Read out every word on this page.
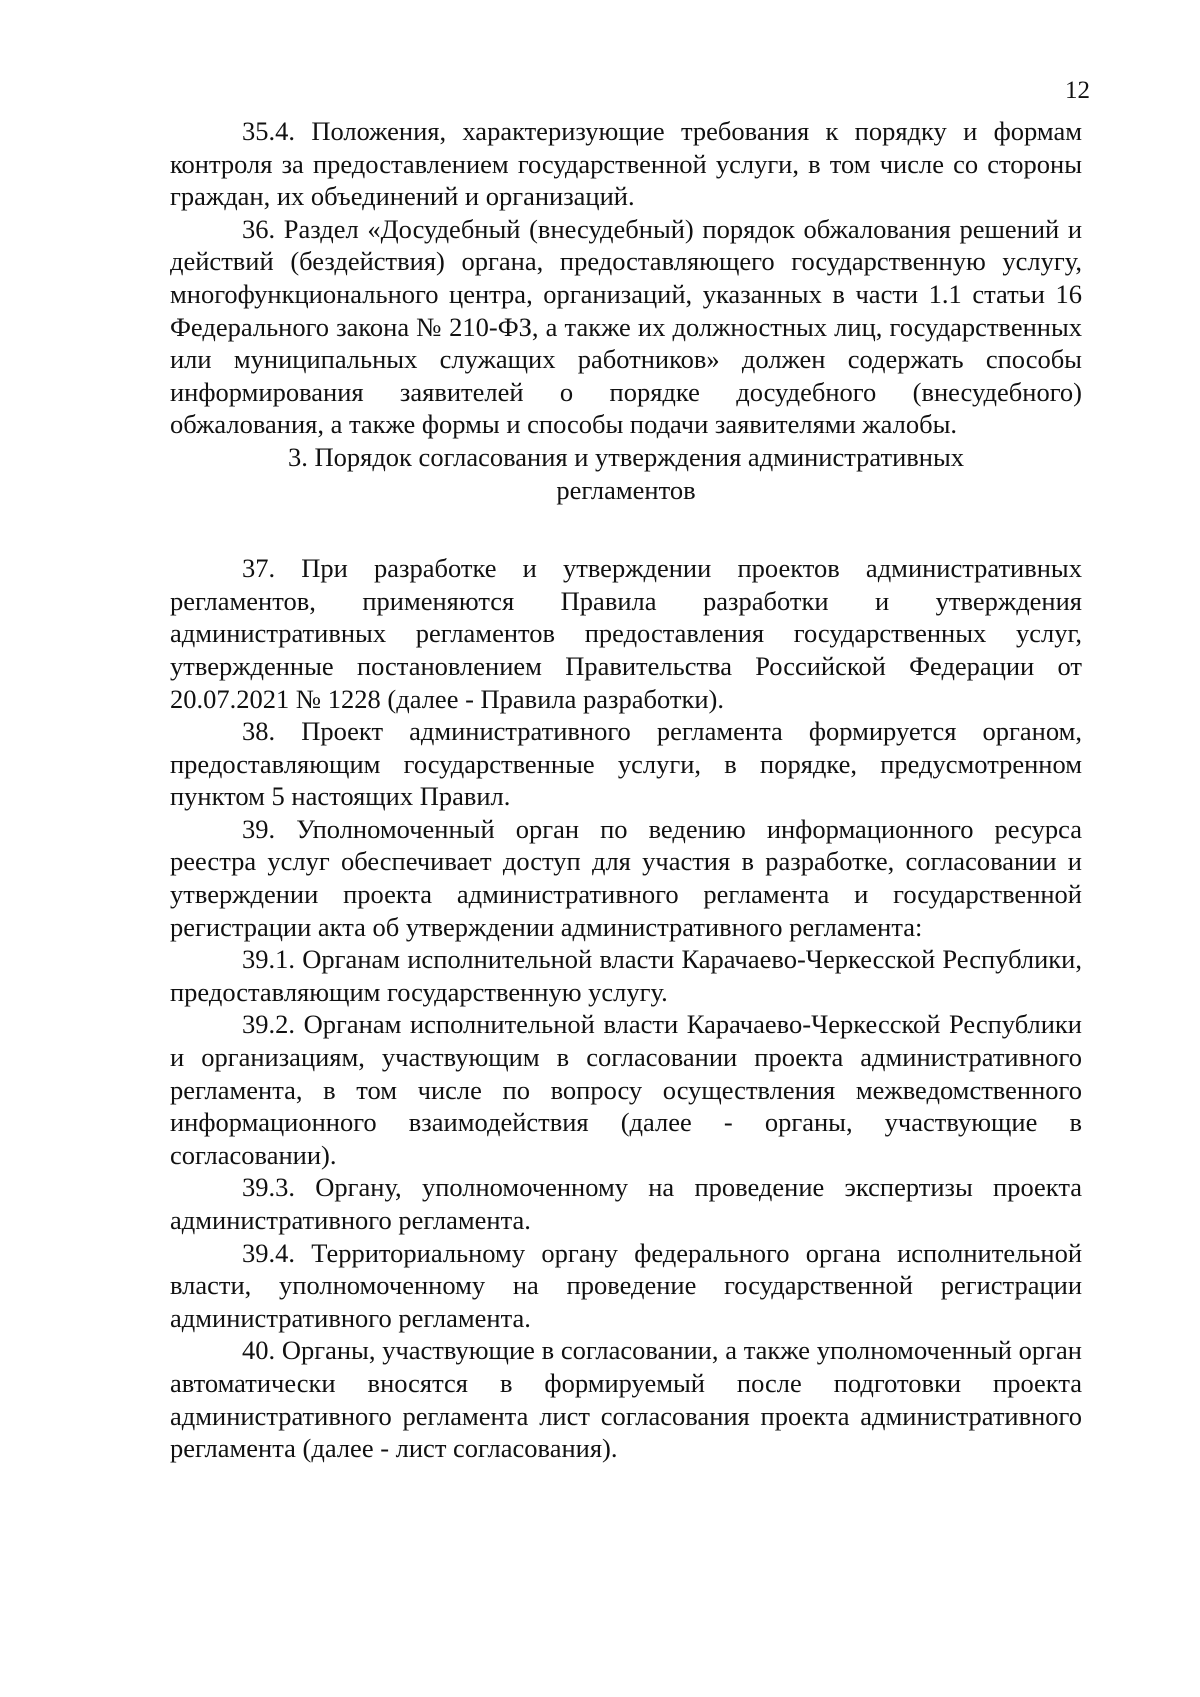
12

35.4. Положения, характеризующие требования к порядку и формам контроля за предоставлением государственной услуги, в том числе со стороны граждан, их объединений и организаций.

36. Раздел «Досудебный (внесудебный) порядок обжалования решений и действий (бездействия) органа, предоставляющего государственную услугу, многофункционального центра, организаций, указанных в части 1.1 статьи 16 Федерального закона № 210-ФЗ, а также их должностных лиц, государственных или муниципальных служащих работников» должен содержать способы информирования заявителей о порядке досудебного (внесудебного) обжалования, а также формы и способы подачи заявителями жалобы.

3. Порядок согласования и утверждения административных

регламентов

37. При разработке и утверждении проектов административных регламентов, применяются Правила разработки и утверждения административных регламентов предоставления государственных услуг, утвержденные постановлением Правительства Российской Федерации от 20.07.2021 № 1228 (далее - Правила разработки).

38. Проект административного регламента формируется органом, предоставляющим государственные услуги, в порядке, предусмотренном пунктом 5 настоящих Правил.

39. Уполномоченный орган по ведению информационного ресурса реестра услуг обеспечивает доступ для участия в разработке, согласовании и утверждении проекта административного регламента и государственной регистрации акта об утверждении административного регламента:

39.1. Органам исполнительной власти Карачаево-Черкесской Республики, предоставляющим государственную услугу.

39.2. Органам исполнительной власти Карачаево-Черкесской Республики и организациям, участвующим в согласовании проекта административного регламента, в том числе по вопросу осуществления межведомственного информационного взаимодействия (далее - органы, участвующие в согласовании).

39.3. Органу, уполномоченному на проведение экспертизы проекта административного регламента.

39.4. Территориальному органу федерального органа исполнительной власти, уполномоченному на проведение государственной регистрации административного регламента.

40. Органы, участвующие в согласовании, а также уполномоченный орган автоматически вносятся в формируемый после подготовки проекта административного регламента лист согласования проекта административного регламента (далее - лист согласования).
